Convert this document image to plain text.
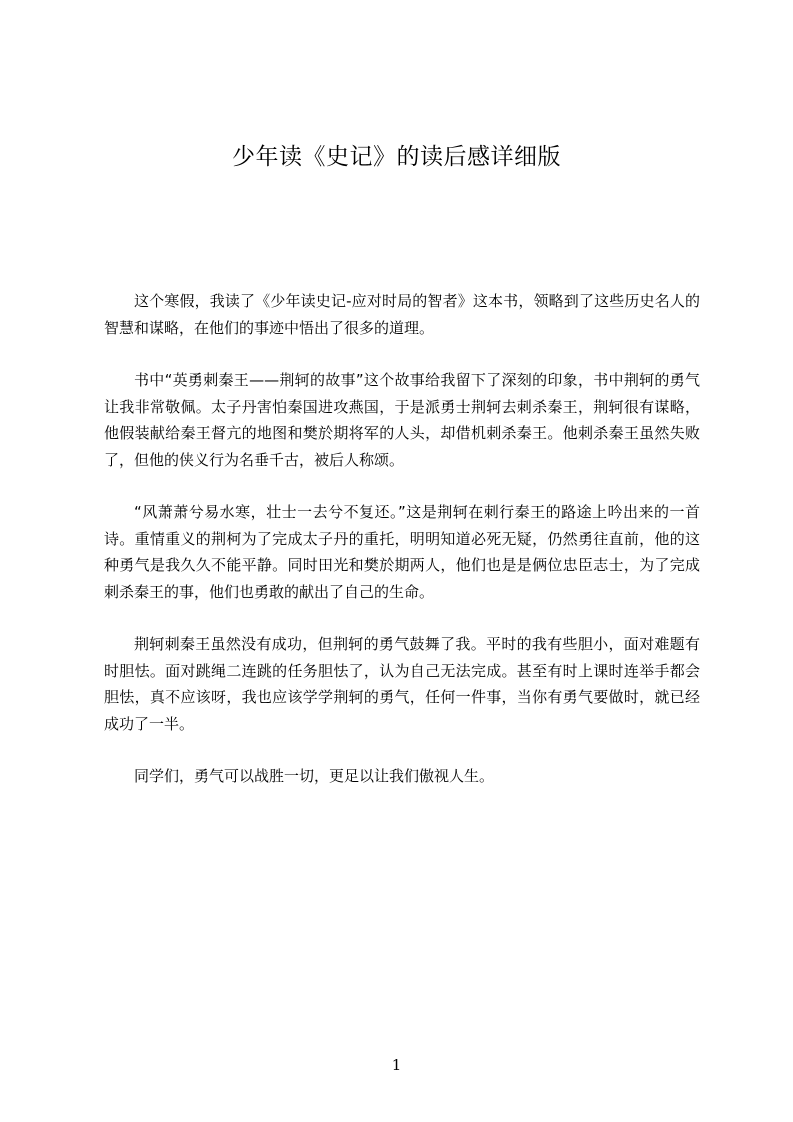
少年读《史记》的读后感详细版

这个寒假，我读了《少年读史记-应对时局的智者》这本书，领略到了这些历史名人的智慧和谋略，在他们的事迹中悟出了很多的道理。

书中“英勇刺秦王——荆轲的故事”这个故事给我留下了深刻的印象，书中荆轲的勇气让我非常敬佩。太子丹害怕秦国进攻燕国，于是派勇士荆轲去刺杀秦王，荆轲很有谋略，他假装献给秦王督亢的地图和樊於期将军的人头，却借机刺杀秦王。他刺杀秦王虽然失败了，但他的侠义行为名垂千古，被后人称颂。

“风萧萧兮易水寒，壮士一去兮不复还。”这是荆轲在刺行秦王的路途上吟出来的一首诗。重情重义的荆柯为了完成太子丹的重托，明明知道必死无疑，仍然勇往直前，他的这种勇气是我久久不能平静。同时田光和樊於期两人，他们也是是俩位忠臣志士，为了完成刺杀秦王的事，他们也勇敢的献出了自己的生命。

荆轲刺秦王虽然没有成功，但荆轲的勇气鼓舞了我。平时的我有些胆小，面对难题有时胆怯。面对跳绳二连跳的任务胆怯了，认为自己无法完成。甚至有时上课时连举手都会胆怯，真不应该呀，我也应该学学荆轲的勇气，任何一件事，当你有勇气要做时，就已经成功了一半。

同学们，勇气可以战胜一切，更足以让我们傲视人生。

1
